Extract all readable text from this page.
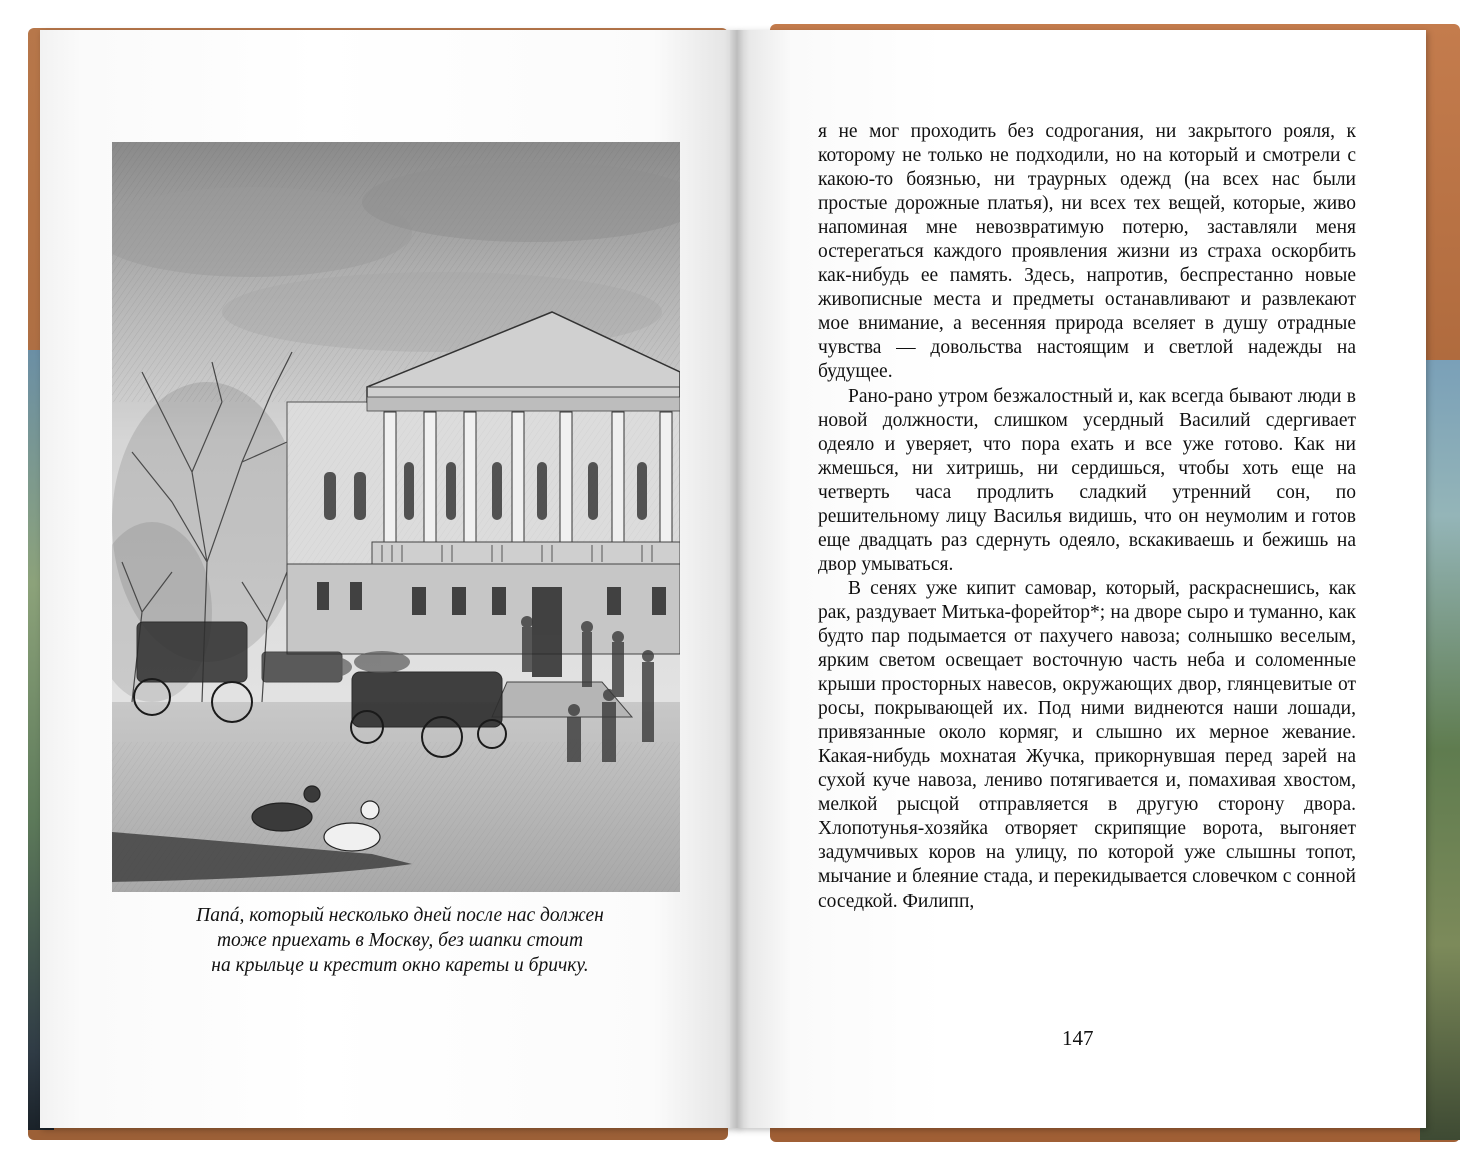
Папá, который несколько дней после нас должен
тоже приехать в Москву, без шапки стоит
на крыльце и крестит окно кареты и бричку.

я не мог проходить без содрогания, ни закрытого рояля, к которому не только не подходили, но на который и смотрели с какою-то боязнью, ни траурных одежд (на всех нас были простые дорожные платья), ни всех тех вещей, которые, живо напоминая мне невозвратимую потерю, заставляли меня остерегаться каждого проявления жизни из страха оскорбить как-нибудь ее память. Здесь, напротив, беспрестанно новые живописные места и предметы останавливают и развлекают мое внимание, а весенняя природа вселяет в душу отрадные чувства — довольства настоящим и светлой надежды на будущее.

Рано-рано утром безжалостный и, как всегда бывают люди в новой должности, слишком усердный Василий сдергивает одеяло и уверяет, что пора ехать и все уже готово. Как ни жмешься, ни хитришь, ни сердишься, чтобы хоть еще на четверть часа продлить сладкий утренний сон, по решительному лицу Василья видишь, что он неумолим и готов еще двадцать раз сдернуть одеяло, вскакиваешь и бежишь на двор умываться.

В сенях уже кипит самовар, который, раскраснешись, как рак, раздувает Митька-форейтор*; на дворе сыро и туманно, как будто пар подымается от пахучего навоза; солнышко веселым, ярким светом освещает восточную часть неба и соломенные крыши просторных навесов, окружающих двор, глянцевитые от росы, покрывающей их. Под ними виднеются наши лошади, привязанные около кормяг, и слышно их мерное жевание. Какая-нибудь мохнатая Жучка, прикорнувшая перед зарей на сухой куче навоза, лениво потягивается и, помахивая хвостом, мелкой рысцой отправляется в другую сторону двора. Хлопотунья-хозяйка отворяет скрипящие ворота, выгоняет задумчивых коров на улицу, по которой уже слышны топот, мычание и блеяние стада, и перекидывается словечком с сонной соседкой. Филипп,

147
